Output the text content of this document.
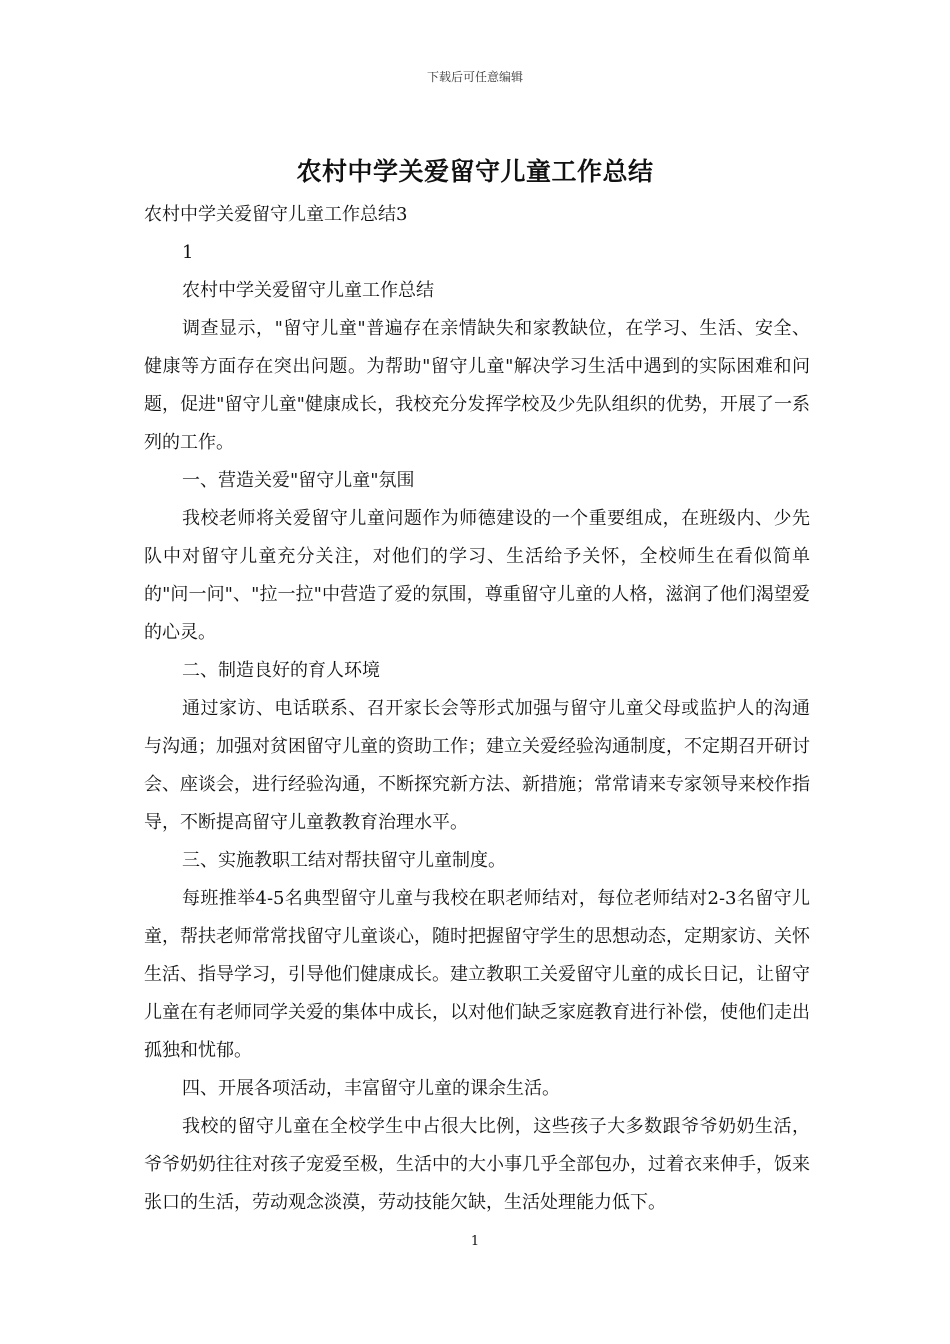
下载后可任意编辑
农村中学关爱留守儿童工作总结

农村中学关爱留守儿童工作总结3

1

农村中学关爱留守儿童工作总结

调查显示，"留守儿童"普遍存在亲情缺失和家教缺位，在学习、生活、安全、健康等方面存在突出问题。为帮助"留守儿童"解决学习生活中遇到的实际困难和问题，促进"留守儿童"健康成长，我校充分发挥学校及少先队组织的优势，开展了一系列的工作。

一、营造关爱"留守儿童"氛围

我校老师将关爱留守儿童问题作为师德建设的一个重要组成，在班级内、少先队中对留守儿童充分关注，对他们的学习、生活给予关怀，全校师生在看似简单的"问一问"、"拉一拉"中营造了爱的氛围，尊重留守儿童的人格，滋润了他们渴望爱的心灵。

二、制造良好的育人环境

通过家访、电话联系、召开家长会等形式加强与留守儿童父母或监护人的沟通与沟通；加强对贫困留守儿童的资助工作；建立关爱经验沟通制度，不定期召开研讨会、座谈会，进行经验沟通，不断探究新方法、新措施；常常请来专家领导来校作指导，不断提高留守儿童教教育治理水平。

三、实施教职工结对帮扶留守儿童制度。

每班推举4-5名典型留守儿童与我校在职老师结对，每位老师结对2-3名留守儿童，帮扶老师常常找留守儿童谈心，随时把握留守学生的思想动态，定期家访、关怀生活、指导学习，引导他们健康成长。建立教职工关爱留守儿童的成长日记，让留守儿童在有老师同学关爱的集体中成长，以对他们缺乏家庭教育进行补偿，使他们走出孤独和忧郁。

四、开展各项活动，丰富留守儿童的课余生活。

我校的留守儿童在全校学生中占很大比例，这些孩子大多数跟爷爷奶奶生活，爷爷奶奶往往对孩子宠爱至极，生活中的大小事几乎全部包办，过着衣来伸手，饭来张口的生活，劳动观念淡漠，劳动技能欠缺，生活处理能力低下。

1
